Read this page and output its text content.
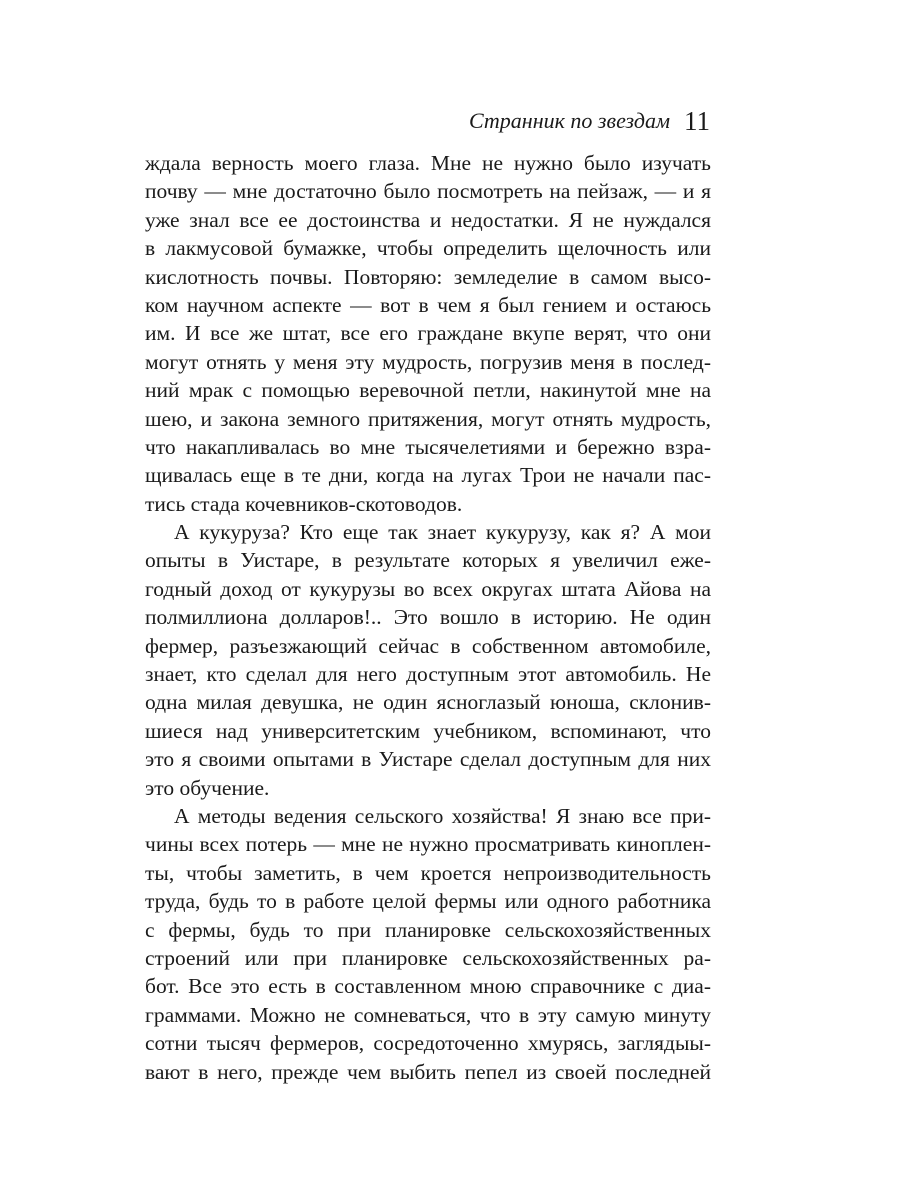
Странник по звездам 11
ждала верность моего глаза. Мне не нужно было изучать
почву — мне достаточно было посмотреть на пейзаж, — и я
уже знал все ее достоинства и недостатки. Я не нуждался
в лакмусовой бумажке, чтобы определить щелочность или
кислотность почвы. Повторяю: земледелие в самом высо-
ком научном аспекте — вот в чем я был гением и остаюсь
им. И все же штат, все его граждане вкупе верят, что они
могут отнять у меня эту мудрость, погрузив меня в послед-
ний мрак с помощью веревочной петли, накинутой мне на
шею, и закона земного притяжения, могут отнять мудрость,
что накапливалась во мне тысячелетиями и бережно взра-
щивалась еще в те дни, когда на лугах Трои не начали пас-
тись стада кочевников-скотоводов.
А кукуруза? Кто еще так знает кукурузу, как я? А мои
опыты в Уистаре, в результате которых я увеличил еже-
годный доход от кукурузы во всех округах штата Айова на
полмиллиона долларов!.. Это вошло в историю. Не один
фермер, разъезжающий сейчас в собственном автомобиле,
знает, кто сделал для него доступным этот автомобиль. Не
одна милая девушка, не один ясноглазый юноша, склонив-
шиеся над университетским учебником, вспоминают, что
это я своими опытами в Уистаре сделал доступным для них
это обучение.
А методы ведения сельского хозяйства! Я знаю все при-
чины всех потерь — мне не нужно просматривать киноплен-
ты, чтобы заметить, в чем кроется непроизводительность
труда, будь то в работе целой фермы или одного работника
с фермы, будь то при планировке сельскохозяйственных
строений или при планировке сельскохозяйственных ра-
бот. Все это есть в составленном мною справочнике с диа-
граммами. Можно не сомневаться, что в эту самую минуту
сотни тысяч фермеров, сосредоточенно хмурясь, заглядыы-
вают в него, прежде чем выбить пепел из своей последней
